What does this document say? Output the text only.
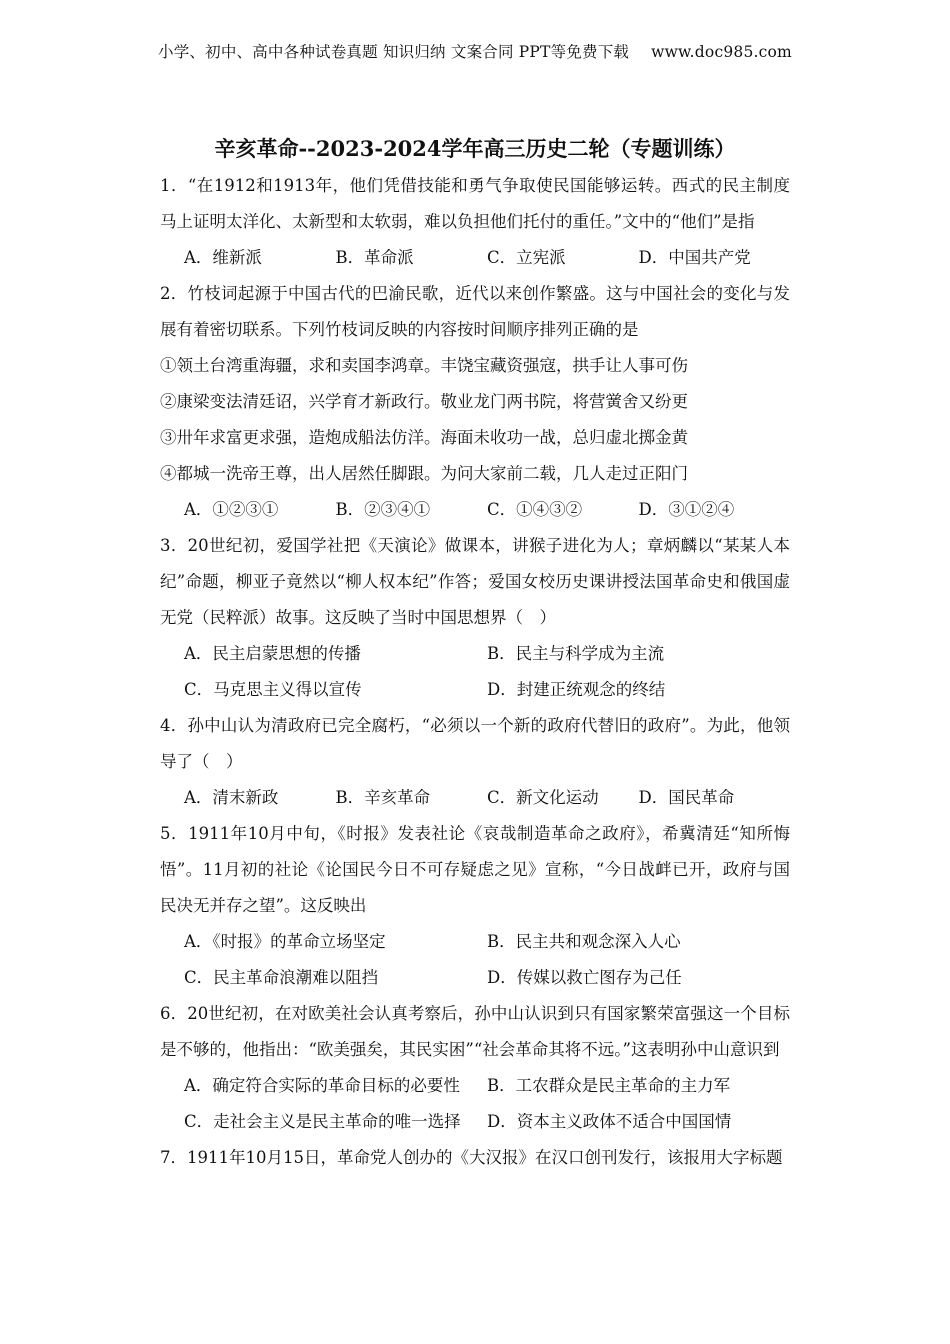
小学、初中、高中各种试卷真题 知识归纳 文案合同 PPT等免费下载 www.doc985.com
辛亥革命--2023-2024学年高三历史二轮（专题训练）

1．“在1912和1913年，他们凭借技能和勇气争取使民国能够运转。西式的民主制度马上证明太洋化、太新型和太软弱，难以负担他们托付的重任。”文中的“他们”是指

A．维新派	B．革命派	C．立宪派	D．中国共产党

2．竹枝词起源于中国古代的巴渝民歌，近代以来创作繁盛。这与中国社会的变化与发展有着密切联系。下列竹枝词反映的内容按时间顺序排列正确的是

①领土台湾重海疆，求和卖国李鸿章。丰饶宝藏资强寇，拱手让人事可伤

②康梁变法清廷诏，兴学育才新政行。敬业龙门两书院，将营黉舍又纷更

③卅年求富更求强，造炮成船法仿洋。海面未收功一战，总归虚北掷金黄

④都城一洗帝王尊，出人居然任脚跟。为问大家前二载，几人走过正阳门

A．①②③①	B．②③④①	C．①④③②	D．③①②④

3．20世纪初，爱国学社把《天演论》做课本，讲猴子进化为人；章炳麟以“某某人本纪”命题，柳亚子竟然以“柳人权本纪”作答；爱国女校历史课讲授法国革命史和俄国虚无党（民粹派）故事。这反映了当时中国思想界（　）

A．民主启蒙思想的传播	B．民主与科学成为主流
C．马克思主义得以宣传	D．封建正统观念的终结

4．孙中山认为清政府已完全腐朽，“必须以一个新的政府代替旧的政府”。为此，他领导了（　）

A．清末新政	B．辛亥革命	C．新文化运动	D．国民革命

5．1911年10月中旬，《时报》发表社论《哀哉制造革命之政府》，希冀清廷“知所悔悟”。11月初的社论《论国民今日不可存疑虑之见》宣称，“今日战衅已开，政府与国民决无并存之望”。这反映出

A．《时报》的革命立场坚定	B．民主共和观念深入人心
C．民主革命浪潮难以阻挡	D．传媒以救亡图存为己任

6．20世纪初，在对欧美社会认真考察后，孙中山认识到只有国家繁荣富强这一个目标是不够的，他指出：“欧美强矣，其民实困”“社会革命其将不远。”这表明孙中山意识到

A．确定符合实际的革命目标的必要性	B．工农群众是民主革命的主力军
C．走社会主义是民主革命的唯一选择	D．资本主义政体不适合中国国情

7．1911年10月15日，革命党人创办的《大汉报》在汉口创刊发行，该报用大字标题
